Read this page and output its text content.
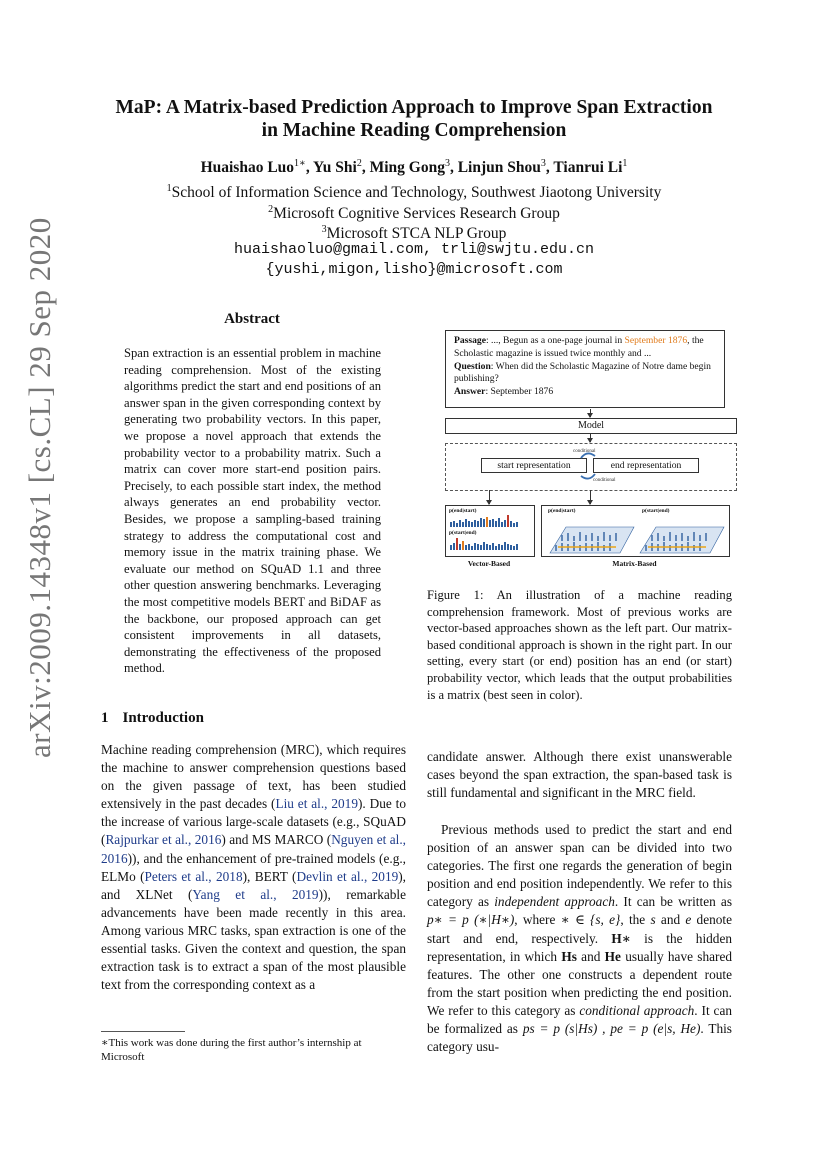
arXiv:2009.14348v1 [cs.CL] 29 Sep 2020
MaP: A Matrix-based Prediction Approach to Improve Span Extraction
in Machine Reading Comprehension
Huaishao Luo$^{1∗}$, Yu Shi$^2$, Ming Gong$^3$, Linjun Shou$^3$, Tianrui Li$^1$
$^1$School of Information Science and Technology, Southwest Jiaotong University
$^2$Microsoft Cognitive Services Research Group
$^3$Microsoft STCA NLP Group
huaishaoluo@gmail.com, trli@swjtu.edu.cn
{yushi,migon,lisho}@microsoft.com
Abstract
Span extraction is an essential problem in machine reading comprehension. Most of the existing algorithms predict the start and end positions of an answer span in the given corresponding context by generating two probability vectors. In this paper, we propose a novel approach that extends the probability vector to a probability matrix. Such a matrix can cover more start-end position pairs. Precisely, to each possible start index, the method always generates an end probability vector. Besides, we propose a sampling-based training strategy to address the computational cost and memory issue in the matrix training phase. We evaluate our method on SQuAD 1.1 and three other question answering benchmarks. Leveraging the most competitive models BERT and BiDAF as the backbone, our proposed approach can get consistent improvements in all datasets, demonstrating the effectiveness of the proposed method.
Passage: ..., Begun as a one-page journal in September 1876, the Scholastic magazine is issued twice monthly and ...
Question: When did the Scholastic Magazine of Notre dame begin publishing?
Answer: September 1876
Model
conditional
start representation	end representation
conditional
p(end|start)
p(start|end)
Vector-Based
p(end|start)	p(start|end)
Matrix-Based
Figure 1: An illustration of a machine reading comprehension framework. Most of previous works are vector-based approaches shown as the left part. Our matrix-based conditional approach is shown in the right part. In our setting, every start (or end) position has an end (or start) probability vector, which leads that the output probabilities is a matrix (best seen in color).
1 Introduction
Machine reading comprehension (MRC), which requires the machine to answer comprehension questions based on the given passage of text, has been studied extensively in the past decades (Liu et al., 2019). Due to the increase of various large-scale datasets (e.g., SQuAD (Rajpurkar et al., 2016) and MS MARCO (Nguyen et al., 2016)), and the enhancement of pre-trained models (e.g., ELMo (Peters et al., 2018), BERT (Devlin et al., 2019), and XLNet (Yang et al., 2019)), remarkable advancements have been made recently in this area. Among various MRC tasks, span extraction is one of the essential tasks. Given the context and question, the span extraction task is to extract a span of the most plausible text from the corresponding context as a
∗This work was done during the first author’s internship at Microsoft
candidate answer. Although there exist unanswerable cases beyond the span extraction, the span-based task is still fundamental and significant in the MRC field.
Previous methods used to predict the start and end position of an answer span can be divided into two categories. The first one regards the generation of begin position and end position independently. We refer to this category as independent approach. It can be written as p∗ = p (∗|H∗), where ∗ ∈ {s, e}, the s and e denote start and end, respectively. H∗ is the hidden representation, in which Hs and He usually have shared features. The other one constructs a dependent route from the start position when predicting the end position. We refer to this category as conditional approach. It can be formalized as ps = p (s|Hs) , pe = p (e|s, He). This category usu-
